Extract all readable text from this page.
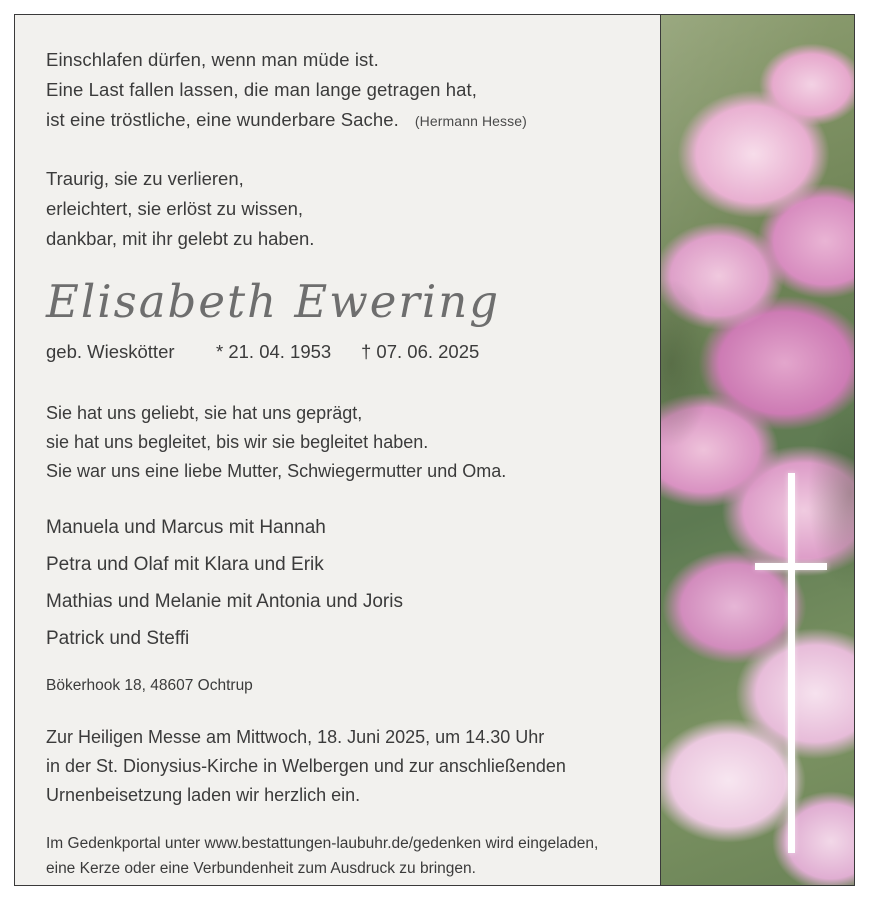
Einschlafen dürfen, wenn man müde ist.
Eine Last fallen lassen, die man lange getragen hat,
ist eine tröstliche, eine wunderbare Sache. (Hermann Hesse)
Traurig, sie zu verlieren,
erleichtert, sie erlöst zu wissen,
dankbar, mit ihr gelebt zu haben.
Elisabeth Ewering
geb. Wieskötter	* 21. 04. 1953	† 07. 06. 2025
Sie hat uns geliebt, sie hat uns geprägt,
sie hat uns begleitet, bis wir sie begleitet haben.
Sie war uns eine liebe Mutter, Schwiegermutter und Oma.
Manuela und Marcus mit Hannah
Petra und Olaf mit Klara und Erik
Mathias und Melanie mit Antonia und Joris
Patrick und Steffi
Bökerhook 18, 48607 Ochtrup
Zur Heiligen Messe am Mittwoch, 18. Juni 2025, um 14.30 Uhr
in der St. Dionysius-Kirche in Welbergen und zur anschließenden
Urnenbeisetzung laden wir herzlich ein.
Im Gedenkportal unter www.bestattungen-laubuhr.de/gedenken wird eingeladen,
eine Kerze oder eine Verbundenheit zum Ausdruck zu bringen.
